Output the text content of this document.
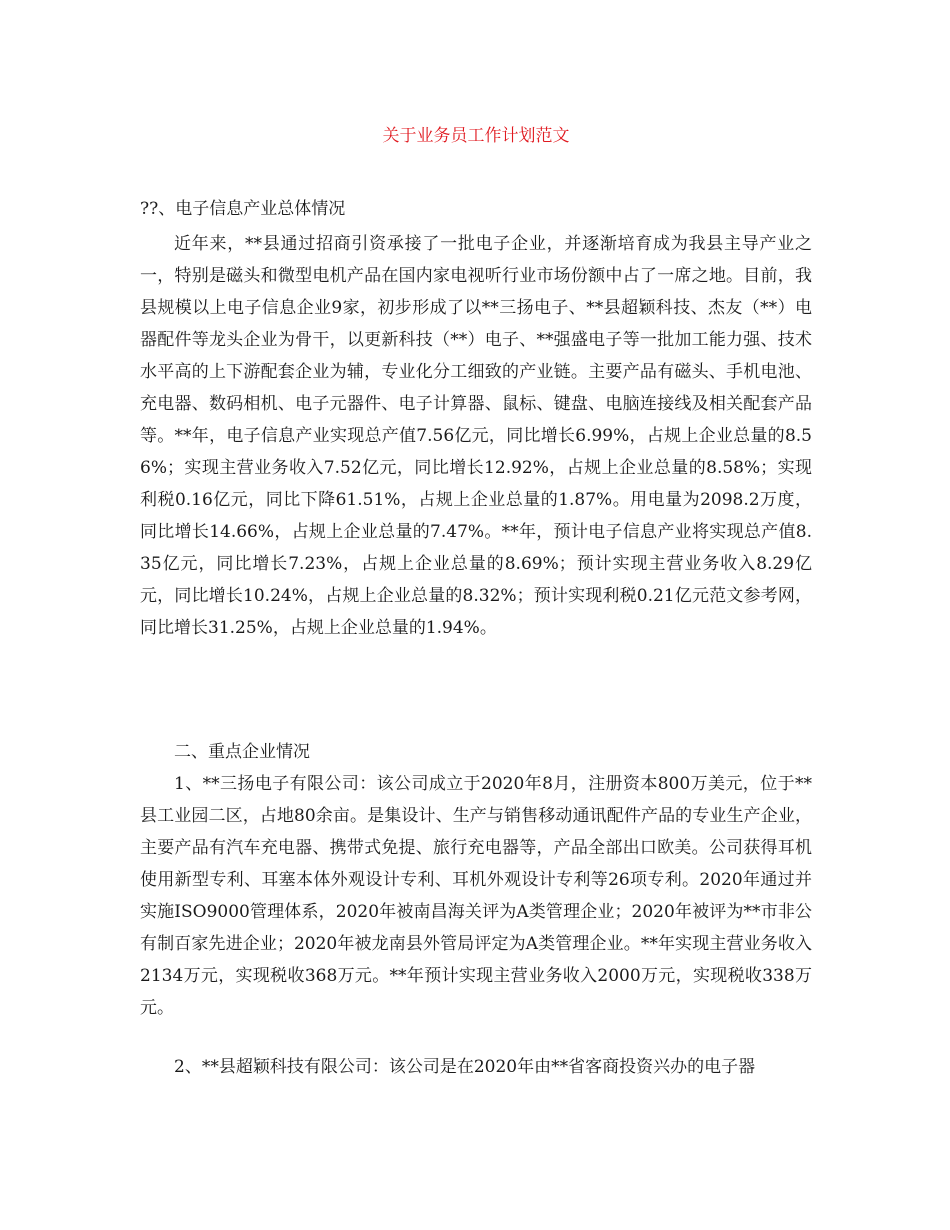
关于业务员工作计划范文
??、电子信息产业总体情况
近年来，**县通过招商引资承接了一批电子企业，并逐渐培育成为我县主导产业之一，特别是磁头和微型电机产品在国内家电视听行业市场份额中占了一席之地。目前，我县规模以上电子信息企业9家，初步形成了以**三扬电子、**县超颖科技、杰友（**）电器配件等龙头企业为骨干，以更新科技（**）电子、**强盛电子等一批加工能力强、技术水平高的上下游配套企业为辅，专业化分工细致的产业链。主要产品有磁头、手机电池、充电器、数码相机、电子元器件、电子计算器、鼠标、键盘、电脑连接线及相关配套产品等。**年，电子信息产业实现总产值7.56亿元，同比增长6.99%，占规上企业总量的8.56%；实现主营业务收入7.52亿元，同比增长12.92%，占规上企业总量的8.58%；实现利税0.16亿元，同比下降61.51%，占规上企业总量的1.87%。用电量为2098.2万度，同比增长14.66%，占规上企业总量的7.47%。**年，预计电子信息产业将实现总产值8.35亿元，同比增长7.23%，占规上企业总量的8.69%；预计实现主营业务收入8.29亿元，同比增长10.24%，占规上企业总量的8.32%；预计实现利税0.21亿元范文参考网，同比增长31.25%，占规上企业总量的1.94%。
二、重点企业情况
1、**三扬电子有限公司：该公司成立于2020年8月，注册资本800万美元，位于**县工业园二区，占地80余亩。是集设计、生产与销售移动通讯配件产品的专业生产企业，主要产品有汽车充电器、携带式免提、旅行充电器等，产品全部出口欧美。公司获得耳机使用新型专利、耳塞本体外观设计专利、耳机外观设计专利等26项专利。2020年通过并实施ISO9000管理体系，2020年被南昌海关评为A类管理企业；2020年被评为**市非公有制百家先进企业；2020年被龙南县外管局评定为A类管理企业。**年实现主营业务收入2134万元，实现税收368万元。**年预计实现主营业务收入2000万元，实现税收338万元。
2、**县超颖科技有限公司：该公司是在2020年由**省客商投资兴办的电子器
